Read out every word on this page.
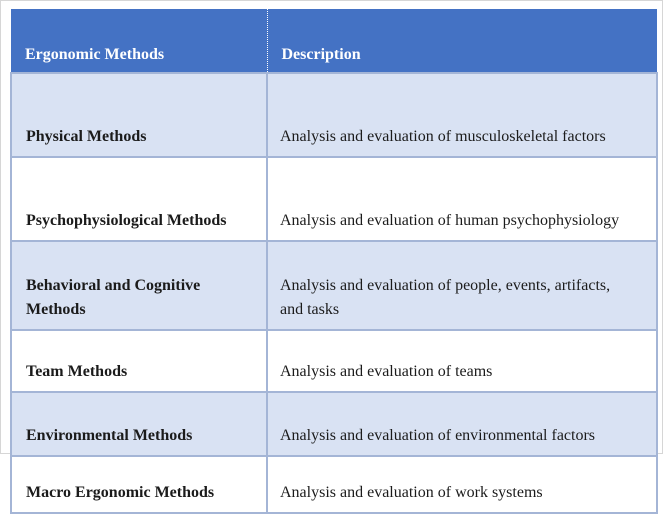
Ergonomic Methods	Description
Physical Methods	Analysis and evaluation of musculoskeletal factors
Psychophysiological Methods	Analysis and evaluation of human psychophysiology
Behavioral and Cognitive Methods	Analysis and evaluation of people, events, artifacts, and tasks
Team Methods	Analysis and evaluation of teams
Environmental Methods	Analysis and evaluation of environmental factors
Macro Ergonomic Methods	Analysis and evaluation of work systems
